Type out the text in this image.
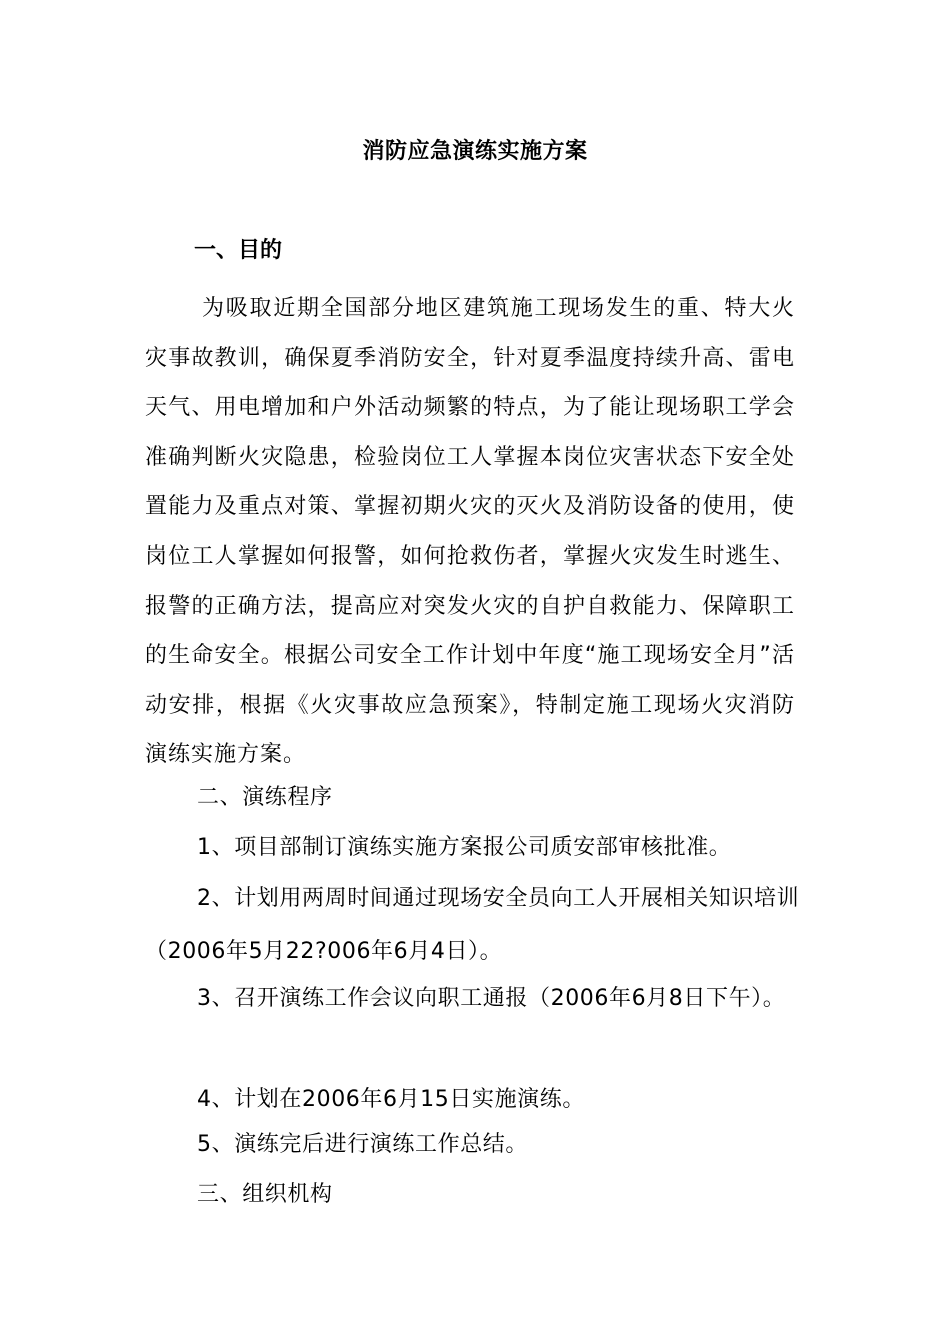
消防应急演练实施方案
一、目的

为吸取近期全国部分地区建筑施工现场发生的重、特大火灾事故教训，确保夏季消防安全，针对夏季温度持续升高、雷电天气、用电增加和户外活动频繁的特点，为了能让现场职工学会准确判断火灾隐患，检验岗位工人掌握本岗位灾害状态下安全处置能力及重点对策、掌握初期火灾的灭火及消防设备的使用，使岗位工人掌握如何报警，如何抢救伤者，掌握火灾发生时逃生、报警的正确方法，提高应对突发火灾的自护自救能力、保障职工的生命安全。根据公司安全工作计划中年度“施工现场安全月”活动安排，根据《火灾事故应急预案》，特制定施工现场火灾消防演练实施方案。

二、演练程序

1、项目部制订演练实施方案报公司质安部审核批准。

2、计划用两周时间通过现场安全员向工人开展相关知识培训（2006年5月22?006年6月4日）。

3、召开演练工作会议向职工通报（2006年6月8日下午）。

4、计划在2006年6月15日实施演练。

5、演练完后进行演练工作总结。

三、组织机构
